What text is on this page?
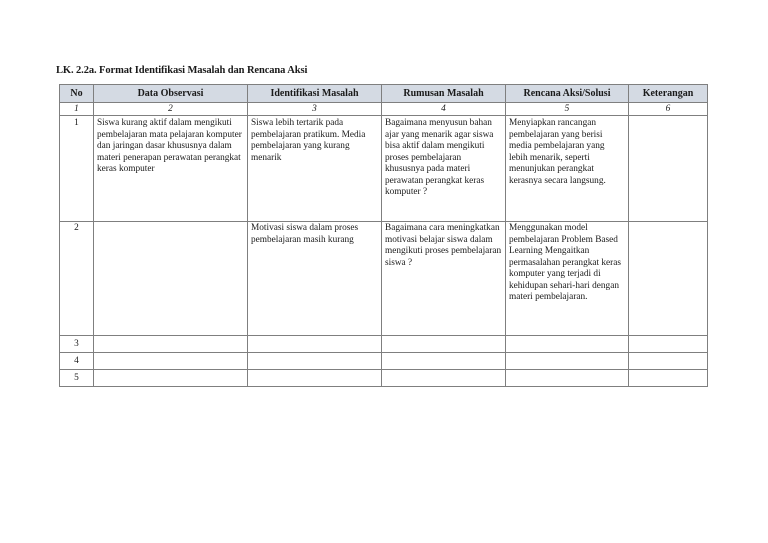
LK. 2.2a. Format Identifikasi Masalah dan Rencana Aksi
No	Data Observasi	Identifikasi Masalah	Rumusan Masalah	Rencana Aksi/Solusi	Keterangan
1	2	3	4	5	6
1	Siswa kurang aktif dalam mengikuti pembelajaran mata pelajaran komputer dan jaringan dasar khususnya dalam materi penerapan perawatan perangkat keras komputer	Siswa lebih tertarik pada pembelajaran pratikum. Media pembelajaran yang kurang menarik	Bagaimana menyusun bahan ajar yang menarik agar siswa bisa aktif dalam mengikuti proses pembelajaran khususnya pada materi perawatan perangkat keras komputer ?	Menyiapkan rancangan pembelajaran yang berisi media pembelajaran yang lebih menarik, seperti menunjukan perangkat kerasnya secara langsung.	
2		Motivasi siswa dalam proses pembelajaran masih kurang	Bagaimana cara meningkatkan motivasi belajar siswa dalam mengikuti proses pembelajaran siswa ?	Menggunakan model pembelajaran Problem Based Learning Mengaitkan permasalahan perangkat keras komputer yang terjadi di kehidupan sehari-hari dengan materi pembelajaran.	
3					
4					
5					
